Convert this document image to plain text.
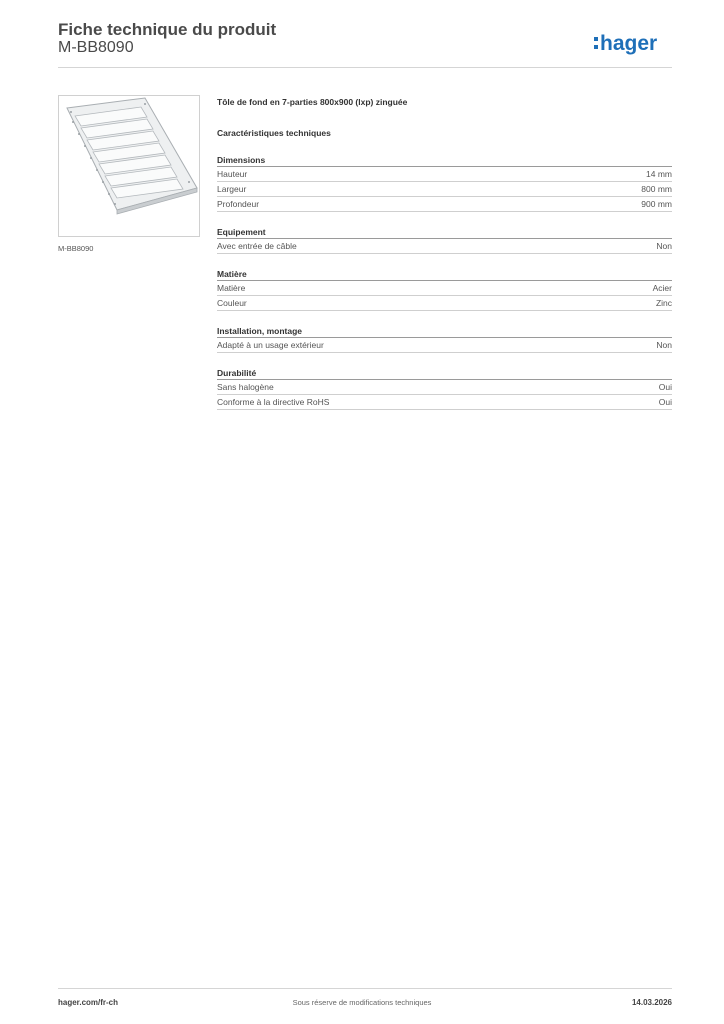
Fiche technique du produit
M-BB8090	hager
M-BB8090
Tôle de fond en 7-parties 800x900 (lxp) zinguée
Caractéristiques techniques
Dimensions
Hauteur	14 mm
Largeur	800 mm
Profondeur	900 mm
Equipement
Avec entrée de câble	Non
Matière
Matière	Acier
Couleur	Zinc
Installation, montage
Adapté à un usage extérieur	Non
Durabilité
Sans halogène	Oui
Conforme à la directive RoHS	Oui
hager.com/fr-ch	Sous réserve de modifications techniques	14.03.2026
